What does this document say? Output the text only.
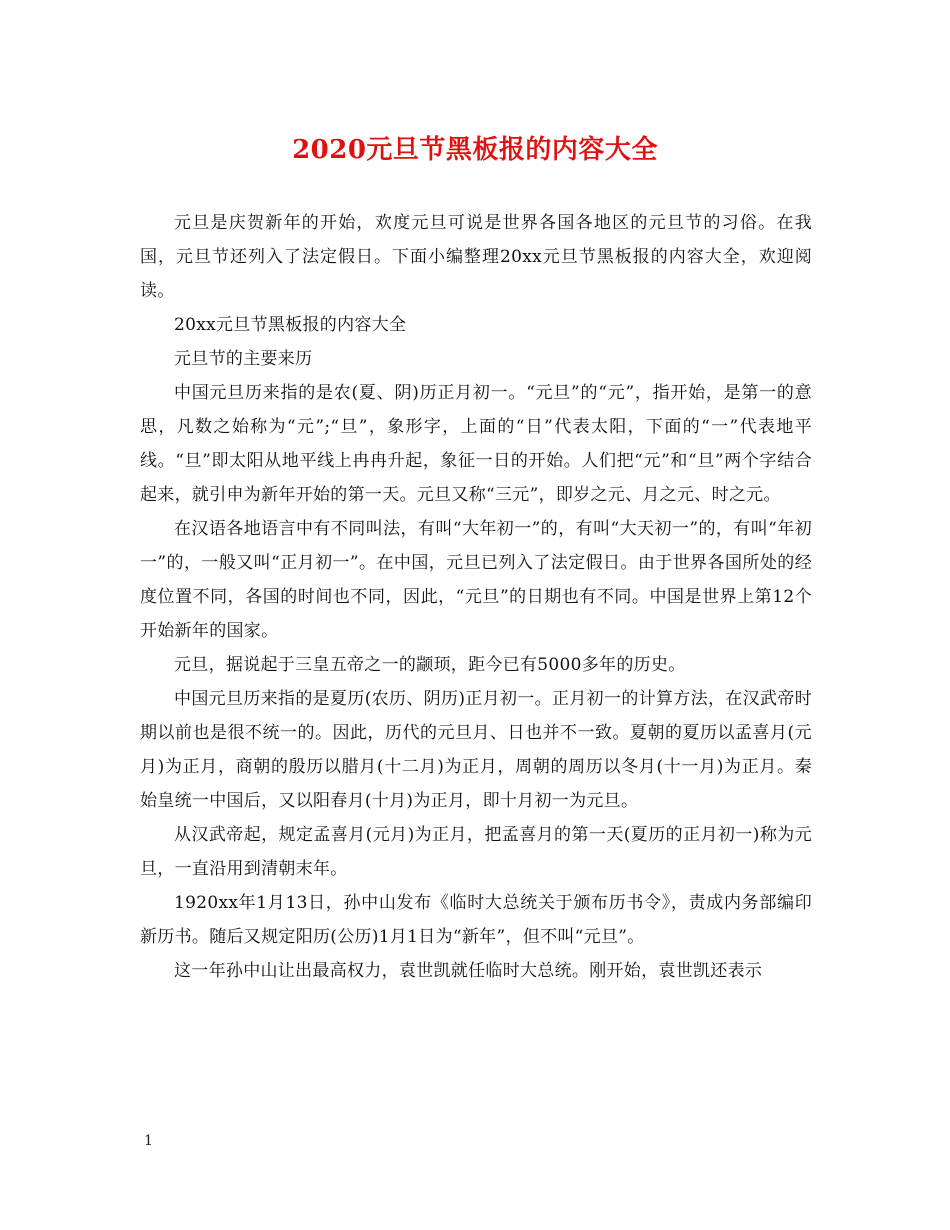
2020元旦节黑板报的内容大全

元旦是庆贺新年的开始，欢度元旦可说是世界各国各地区的元旦节的习俗。在我国，元旦节还列入了法定假日。下面小编整理20xx元旦节黑板报的内容大全，欢迎阅读。

20xx元旦节黑板报的内容大全

元旦节的主要来历

中国元旦历来指的是农(夏、阴)历正月初一。“元旦”的“元”，指开始，是第一的意思，凡数之始称为“元”;“旦”，象形字，上面的“日”代表太阳，下面的“一”代表地平线。“旦”即太阳从地平线上冉冉升起，象征一日的开始。人们把“元”和“旦”两个字结合起来，就引申为新年开始的第一天。元旦又称“三元”，即岁之元、月之元、时之元。

在汉语各地语言中有不同叫法，有叫“大年初一”的，有叫“大天初一”的，有叫“年初一”的，一般又叫“正月初一”。在中国，元旦已列入了法定假日。由于世界各国所处的经度位置不同，各国的时间也不同，因此，“元旦”的日期也有不同。中国是世界上第12个开始新年的国家。

元旦，据说起于三皇五帝之一的颛顼，距今已有5000多年的历史。

中国元旦历来指的是夏历(农历、阴历)正月初一。正月初一的计算方法，在汉武帝时期以前也是很不统一的。因此，历代的元旦月、日也并不一致。夏朝的夏历以孟喜月(元月)为正月，商朝的殷历以腊月(十二月)为正月，周朝的周历以冬月(十一月)为正月。秦始皇统一中国后，又以阳春月(十月)为正月，即十月初一为元旦。

从汉武帝起，规定孟喜月(元月)为正月，把孟喜月的第一天(夏历的正月初一)称为元旦，一直沿用到清朝末年。

1920xx年1月13日，孙中山发布《临时大总统关于颁布历书令》，责成内务部编印新历书。随后又规定阳历(公历)1月1日为“新年”，但不叫“元旦”。

这一年孙中山让出最高权力，袁世凯就任临时大总统。刚开始，袁世凯还表示

1
